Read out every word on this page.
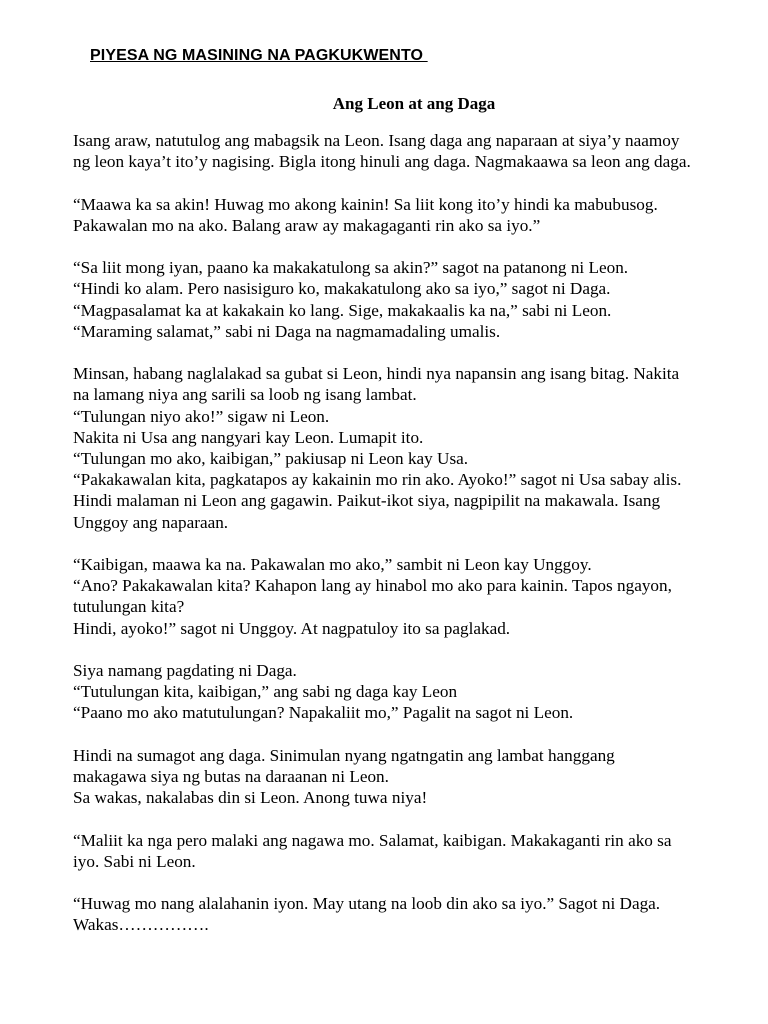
PIYESA NG MASINING NA PAGKUKWENTO
Ang Leon at ang Daga

Isang araw, natutulog ang mabagsik na Leon. Isang daga ang naparaan at siya’y naamoy
ng leon kaya’t ito’y nagising. Bigla itong hinuli ang daga. Nagmakaawa sa leon ang daga.

“Maawa ka sa akin! Huwag mo akong kainin! Sa liit kong ito’y hindi ka mabubusog.
Pakawalan mo na ako. Balang araw ay makagaganti rin ako sa iyo.”

“Sa liit mong iyan, paano ka makakatulong sa akin?” sagot na patanong ni Leon.
“Hindi ko alam. Pero nasisiguro ko, makakatulong ako sa iyo,” sagot ni Daga.
“Magpasalamat ka at kakakain ko lang. Sige, makakaalis ka na,” sabi ni Leon.
“Maraming salamat,” sabi ni Daga na nagmamadaling umalis.

Minsan, habang naglalakad sa gubat si Leon, hindi nya napansin ang isang bitag. Nakita
na lamang niya ang sarili sa loob ng isang lambat.
“Tulungan niyo ako!” sigaw ni Leon.
Nakita ni Usa ang nangyari kay Leon. Lumapit ito.
“Tulungan mo ako, kaibigan,” pakiusap ni Leon kay Usa.
“Pakakawalan kita, pagkatapos ay kakainin mo rin ako. Ayoko!” sagot ni Usa sabay alis.
Hindi malaman ni Leon ang gagawin. Paikut-ikot siya, nagpipilit na makawala. Isang
Unggoy ang naparaan.

“Kaibigan, maawa ka na. Pakawalan mo ako,” sambit ni Leon kay Unggoy.
“Ano? Pakakawalan kita? Kahapon lang ay hinabol mo ako para kainin. Tapos ngayon,
tutulungan kita?
Hindi, ayoko!” sagot ni Unggoy. At nagpatuloy ito sa paglakad.

Siya namang pagdating ni Daga.
“Tutulungan kita, kaibigan,” ang sabi ng daga kay Leon
“Paano mo ako matutulungan? Napakaliit mo,” Pagalit na sagot ni Leon.

Hindi na sumagot ang daga. Sinimulan nyang ngatngatin ang lambat hanggang
makagawa siya ng butas na daraanan ni Leon.
Sa wakas, nakalabas din si Leon. Anong tuwa niya!

“Maliit ka nga pero malaki ang nagawa mo. Salamat, kaibigan. Makakaganti rin ako sa
iyo. Sabi ni Leon.

“Huwag mo nang alalahanin iyon. May utang na loob din ako sa iyo.” Sagot ni Daga.
Wakas…………….
